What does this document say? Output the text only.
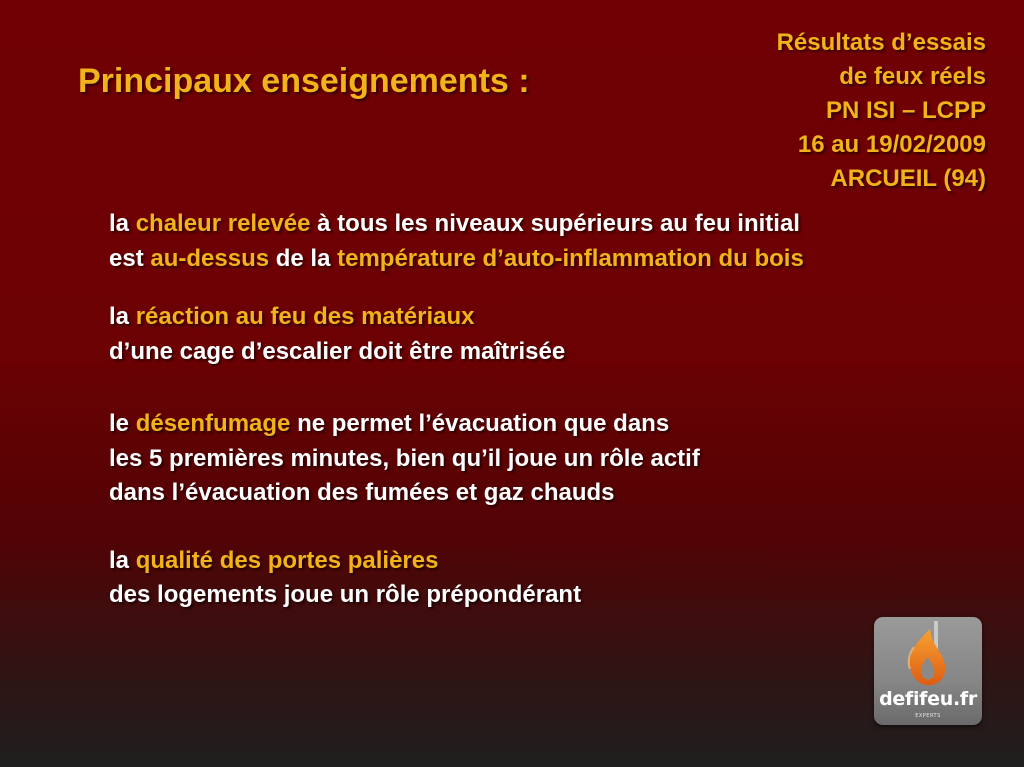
Principaux enseignements :
Résultats d’essais
de feux réels
PN ISI – LCPP
16 au 19/02/2009
ARCUEIL (94)
la chaleur relevée à tous les niveaux supérieurs au feu initial
est au-dessus de la température d’auto-inflammation du bois
la réaction au feu des matériaux
d’une cage d’escalier doit être maîtrisée
le désenfumage ne permet l’évacuation que dans
les 5 premières minutes, bien qu’il joue un rôle actif
dans l’évacuation des fumées et gaz chauds
la qualité des portes palières
des logements joue un rôle prépondérant
defifeu.fr
EXPERTS
